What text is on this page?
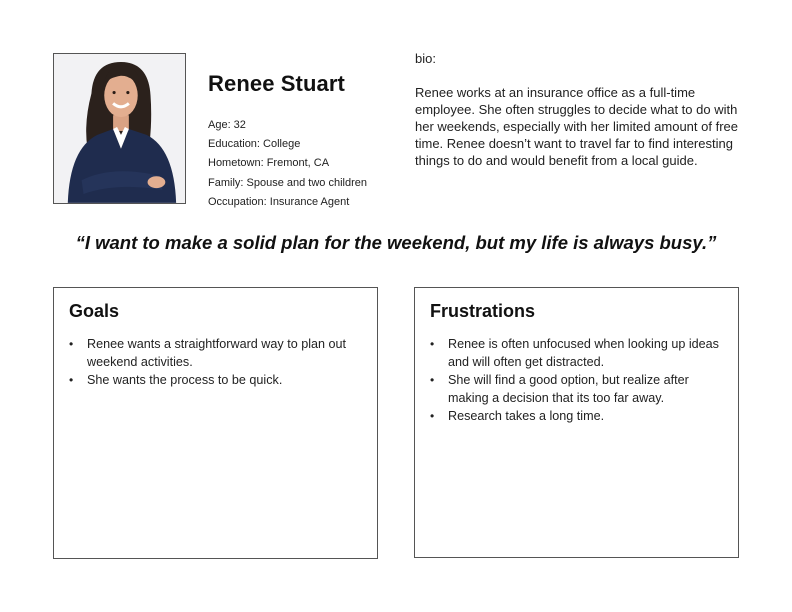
Renee Stuart
Age: 32
Education: College
Hometown: Fremont, CA
Family: Spouse and two children
Occupation: Insurance Agent
bio:
Renee works at an insurance office as a full-time employee. She often struggles to decide what to do with her weekends, especially with her limited amount of free time. Renee doesn’t want to travel far to find interesting things to do and would benefit from a local guide.
“I want to make a solid plan for the weekend, but my life is always busy.”
Goals
• Renee wants a straightforward way to plan out weekend activities.
• She wants the process to be quick.
Frustrations
• Renee is often unfocused when looking up ideas and will often get distracted.
• She will find a good option, but realize after making a decision that its too far away.
• Research takes a long time.
